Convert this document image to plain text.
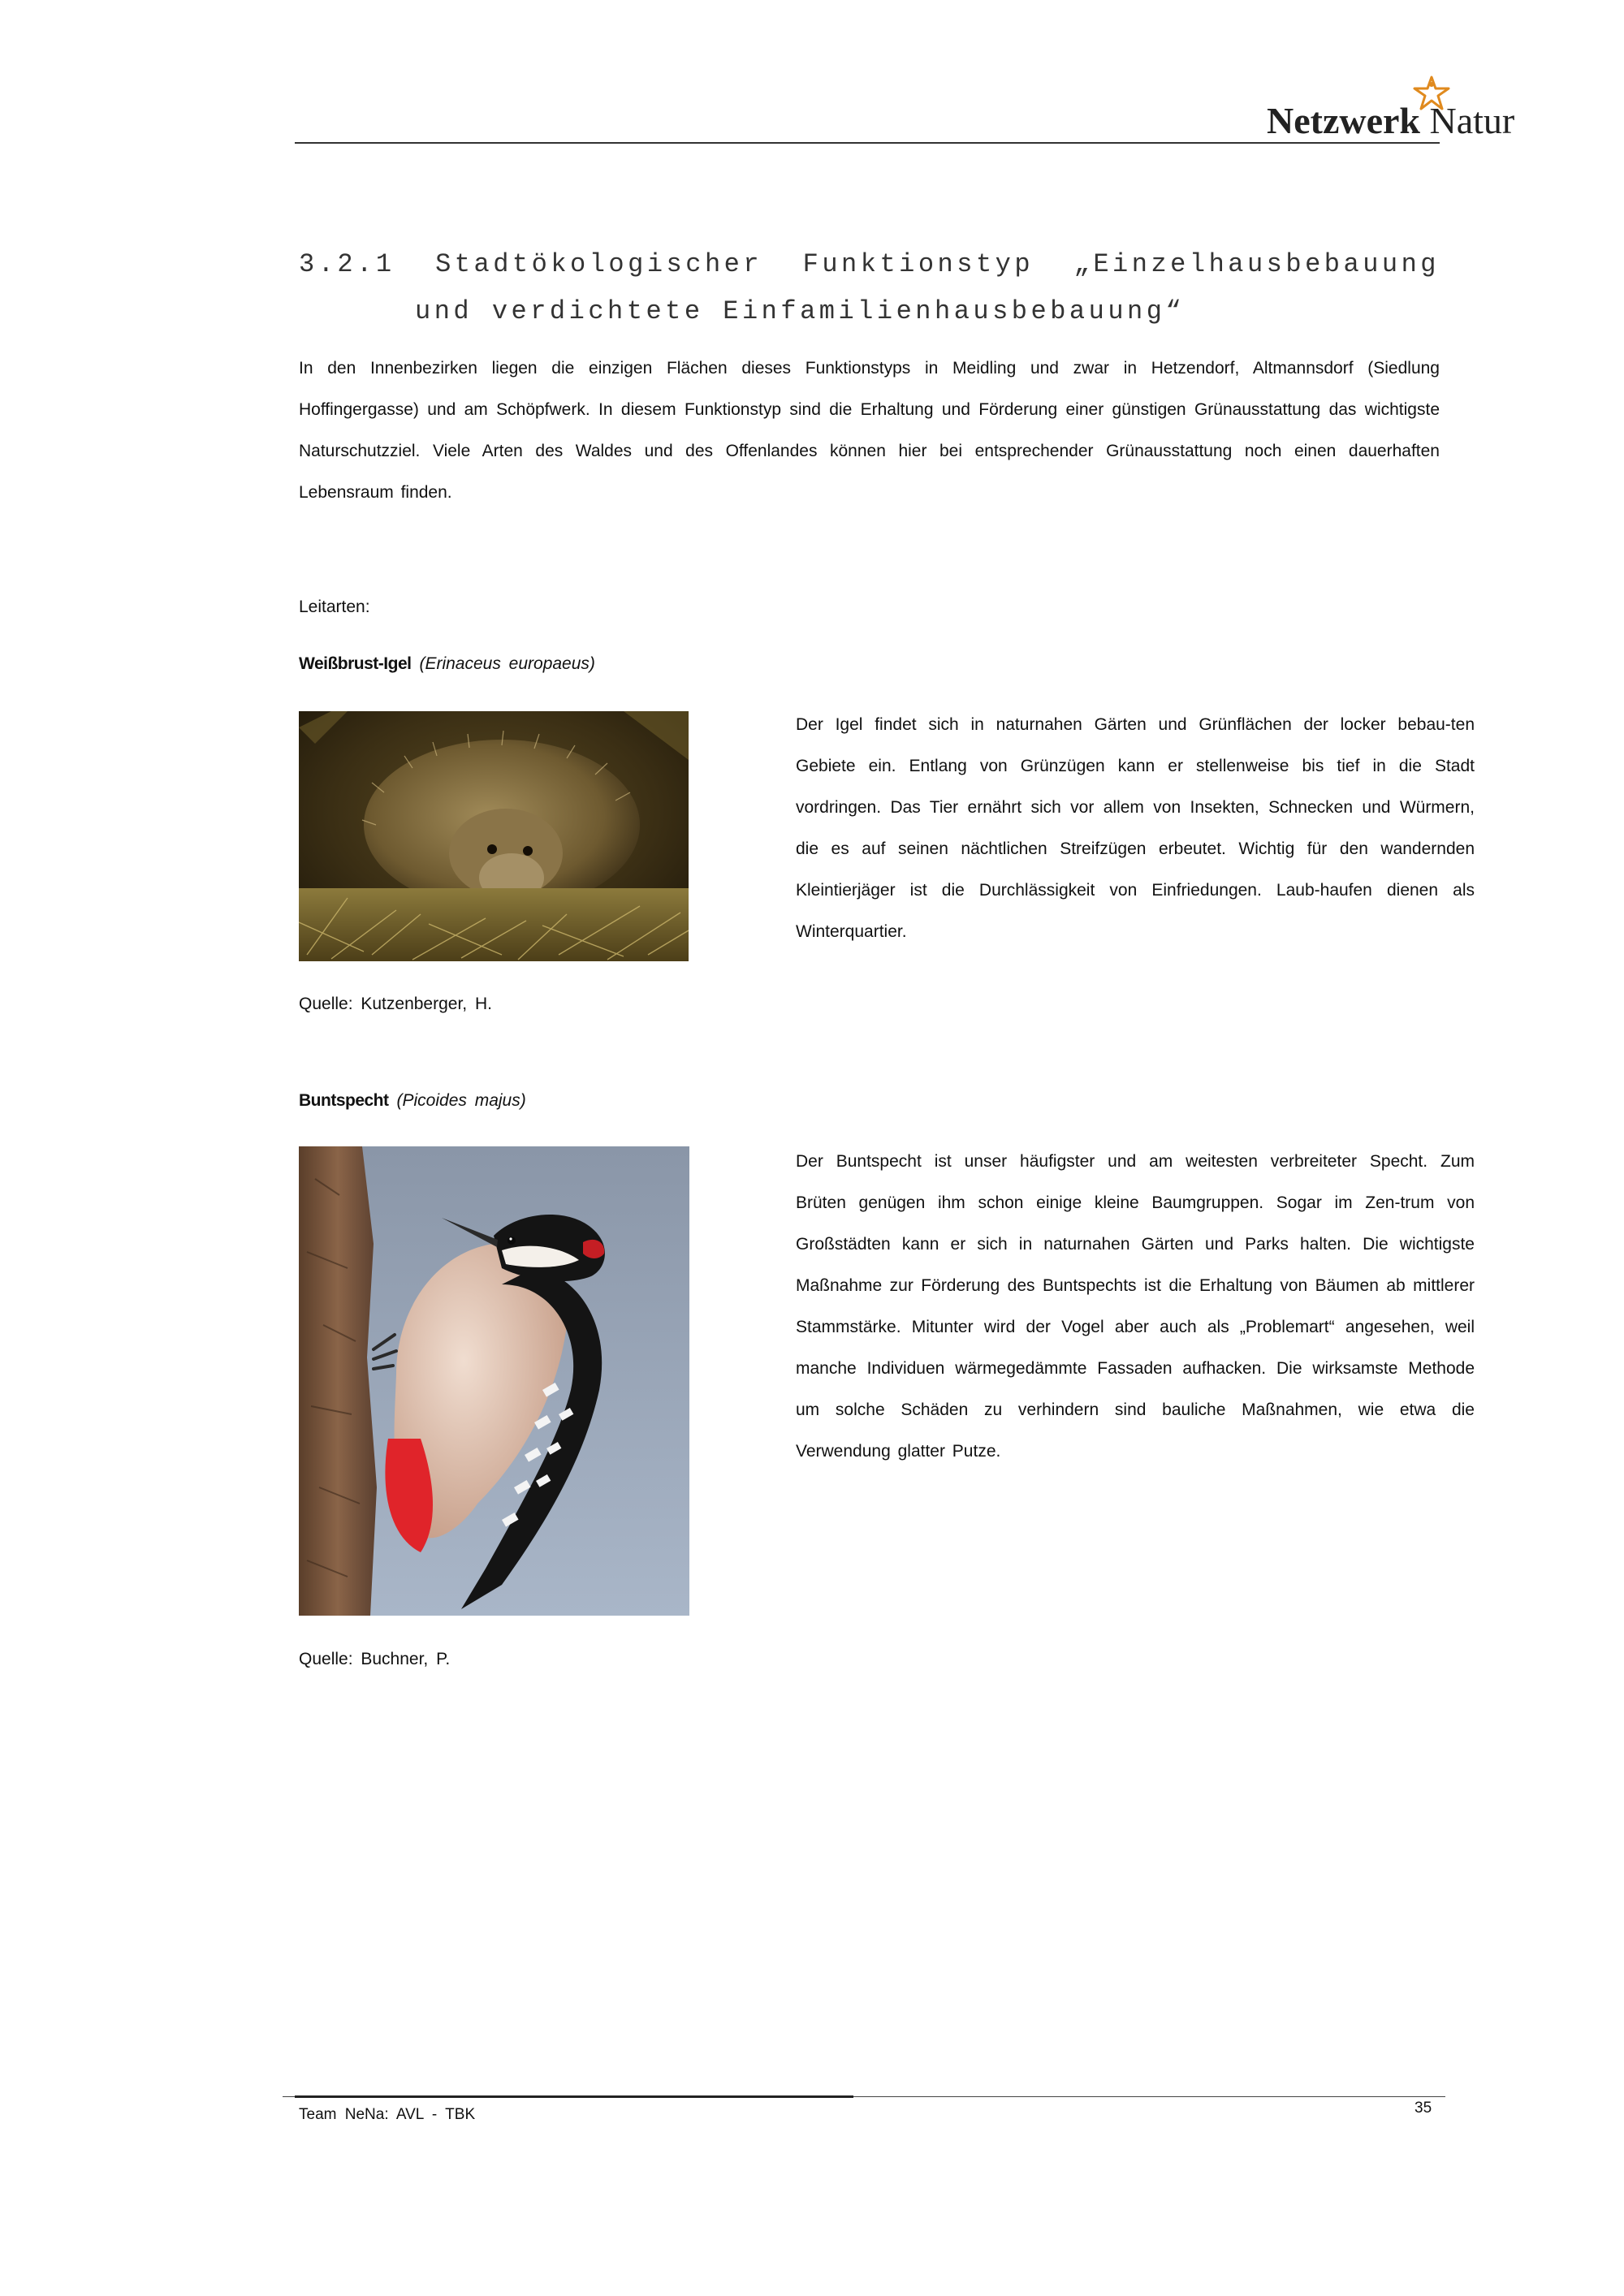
Netzwerk Natur
3.2.1 Stadtökologischer Funktionstyp „Einzelhausbebauung
und verdichtete Einfamilienhausbebauung“
In den Innenbezirken liegen die einzigen Flächen dieses Funktionstyps in Meidling und zwar in Hetzendorf, Altmannsdorf (Siedlung Hoffingergasse) und am Schöpfwerk. In diesem Funktionstyp sind die Erhaltung und Förderung einer günstigen Grünausstattung das wichtigste Naturschutzziel. Viele Arten des Waldes und des Offenlandes können hier bei entsprechender Grünausstattung noch einen dauerhaften Lebensraum finden.
Leitarten:
Weißbrust-Igel (Erinaceus europaeus)
Der Igel findet sich in naturnahen Gärten und Grünflächen der locker bebau-ten Gebiete ein. Entlang von Grünzügen kann er stellenweise bis tief in die Stadt vordringen. Das Tier ernährt sich vor allem von Insekten, Schnecken und Würmern, die es auf seinen nächtlichen Streifzügen erbeutet. Wichtig für den wandernden Kleintierjäger ist die Durchlässigkeit von Einfriedungen. Laub-haufen dienen als Winterquartier.
Quelle: Kutzenberger, H.
Buntspecht (Picoides majus)
Der Buntspecht ist unser häufigster und am weitesten verbreiteter Specht. Zum Brüten genügen ihm schon einige kleine Baumgruppen. Sogar im Zen-trum von Großstädten kann er sich in naturnahen Gärten und Parks halten. Die wichtigste Maßnahme zur Förderung des Buntspechts ist die Erhaltung von Bäumen ab mittlerer Stammstärke. Mitunter wird der Vogel aber auch als „Problemart“ angesehen, weil manche Individuen wärmegedämmte Fassaden aufhacken. Die wirksamste Methode um solche Schäden zu verhindern sind bauliche Maßnahmen, wie etwa die Verwendung glatter Putze.
Quelle: Buchner, P.
Team NeNa: AVL - TBK	35
